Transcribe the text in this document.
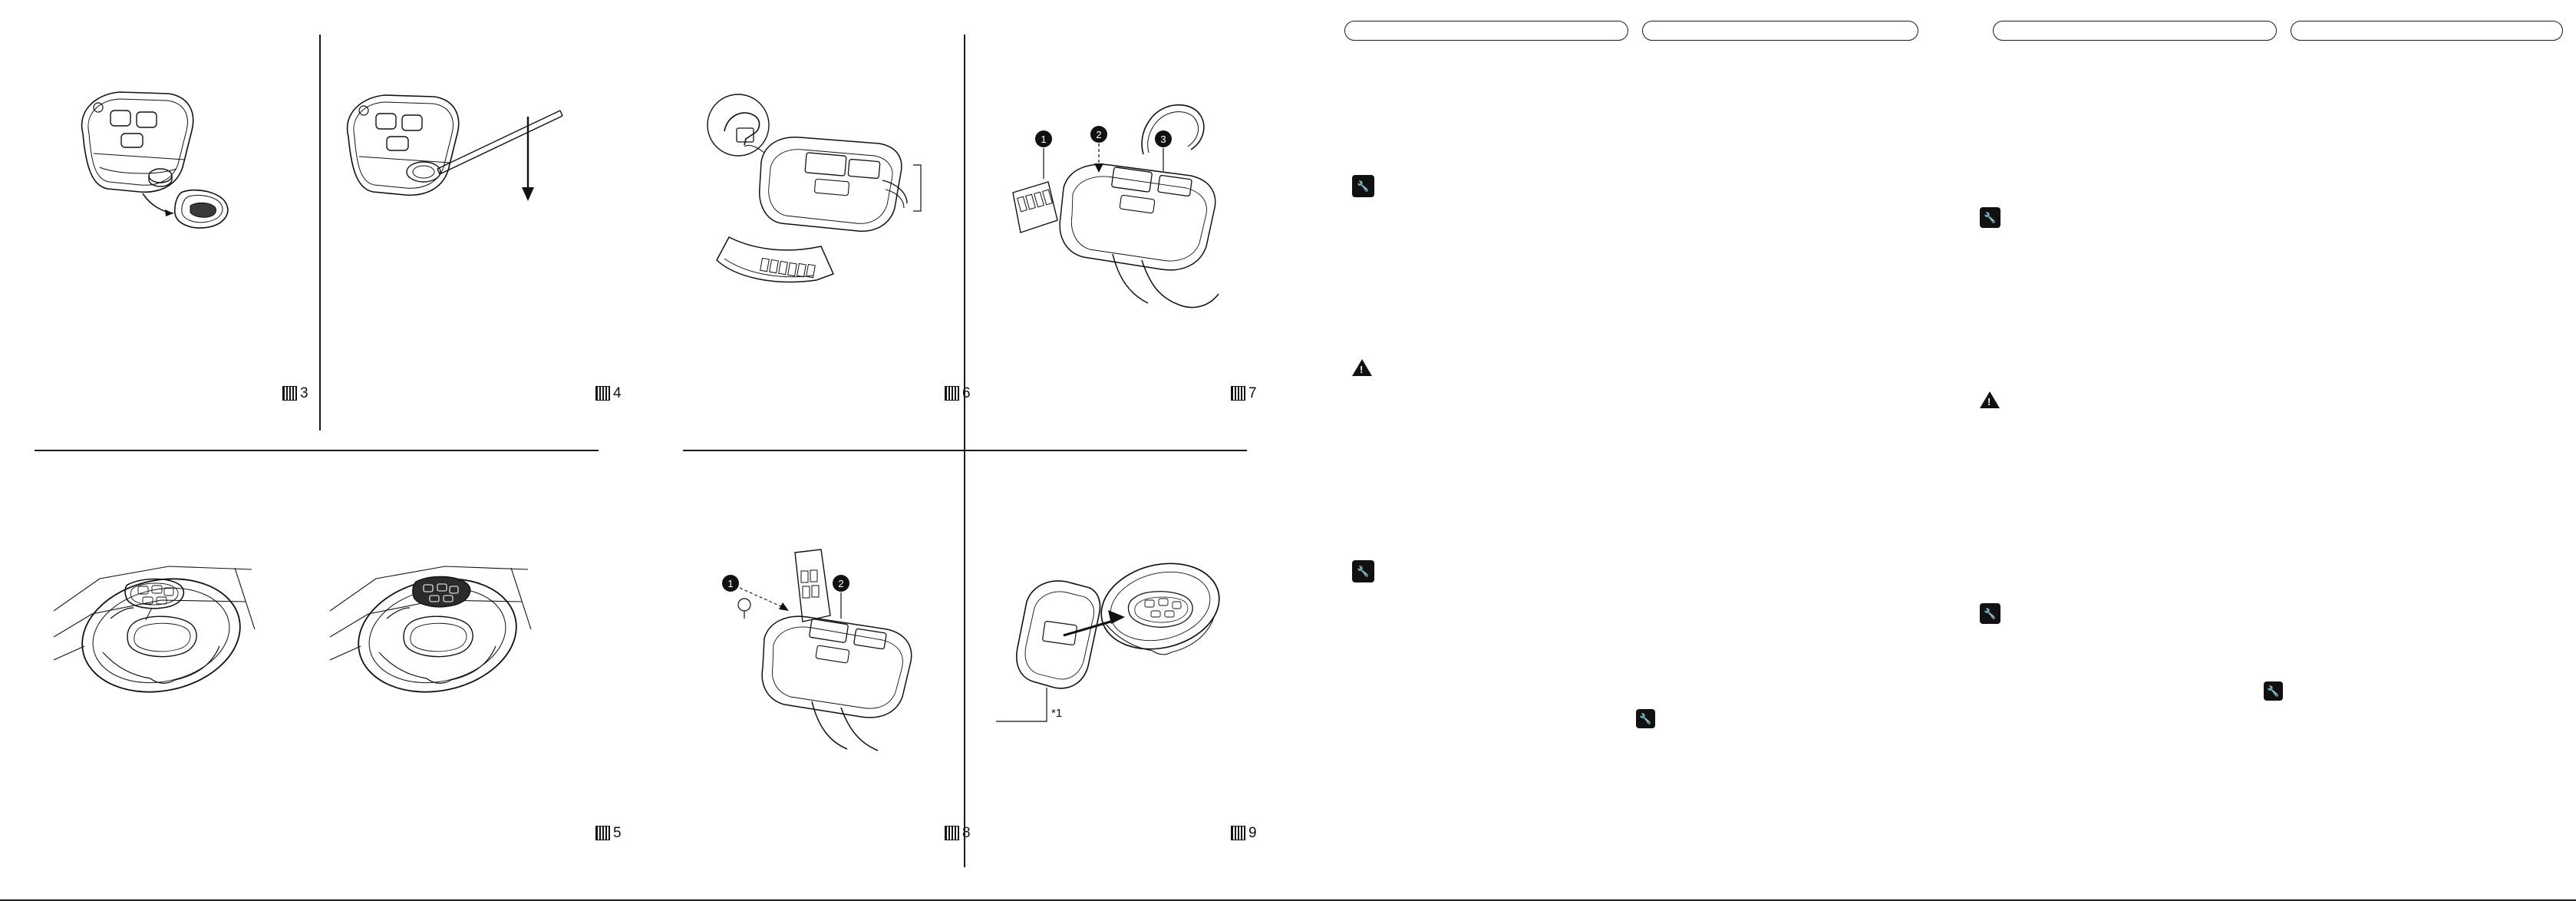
3	4	6
1	2	3
7
5
1	2
8
*1
9
🔧
!
🔧
🔧
🔧
!
🔧
🔧
